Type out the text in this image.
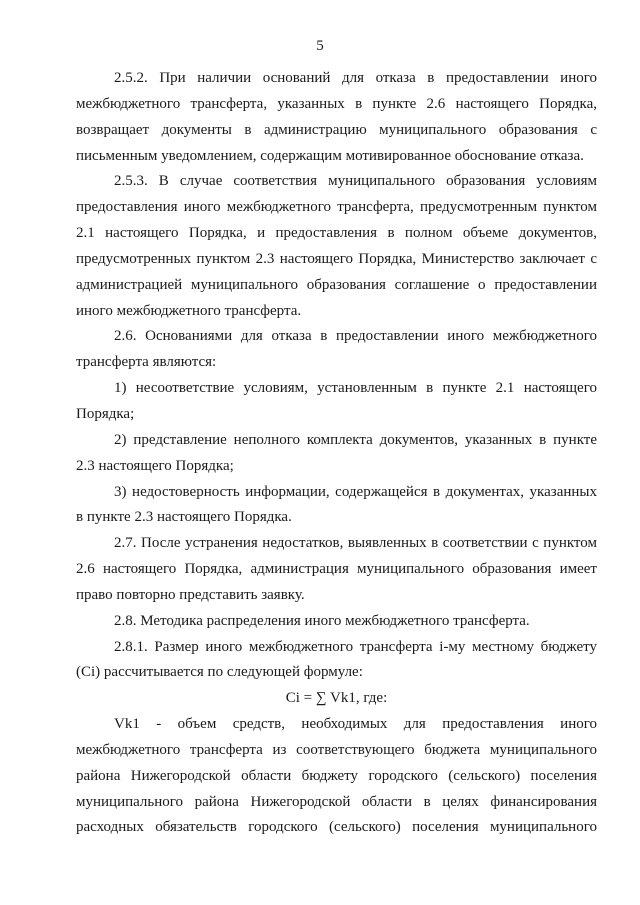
5

2.5.2. При наличии оснований для отказа в предоставлении иного межбюджетного трансферта, указанных в пункте 2.6 настоящего Порядка, возвращает документы в администрацию муниципального образования с письменным уведомлением, содержащим мотивированное обоснование отказа.

2.5.3. В случае соответствия муниципального образования условиям предоставления иного межбюджетного трансферта, предусмотренным пунктом 2.1 настоящего Порядка, и предоставления в полном объеме документов, предусмотренных пунктом 2.3 настоящего Порядка, Министерство заключает с администрацией муниципального образования соглашение о предоставлении иного межбюджетного трансферта.

2.6. Основаниями для отказа в предоставлении иного межбюджетного трансферта являются:

1) несоответствие условиям, установленным в пункте 2.1 настоящего Порядка;

2) представление неполного комплекта документов, указанных в пункте 2.3 настоящего Порядка;

3) недостоверность информации, содержащейся в документах, указанных в пункте 2.3 настоящего Порядка.

2.7. После устранения недостатков, выявленных в соответствии с пунктом 2.6 настоящего Порядка, администрация муниципального образования имеет право повторно представить заявку.

2.8. Методика распределения иного межбюджетного трансферта.

2.8.1. Размер иного межбюджетного трансферта i-му местному бюджету (Ci) рассчитывается по следующей формуле:

Ci = ∑ Vk1, где:

Vk1 - объем средств, необходимых для предоставления иного межбюджетного трансферта из соответствующего бюджета муниципального района Нижегородской области бюджету городского (сельского) поселения муниципального района Нижегородской области в целях финансирования расходных обязательств городского (сельского) поселения муниципального
